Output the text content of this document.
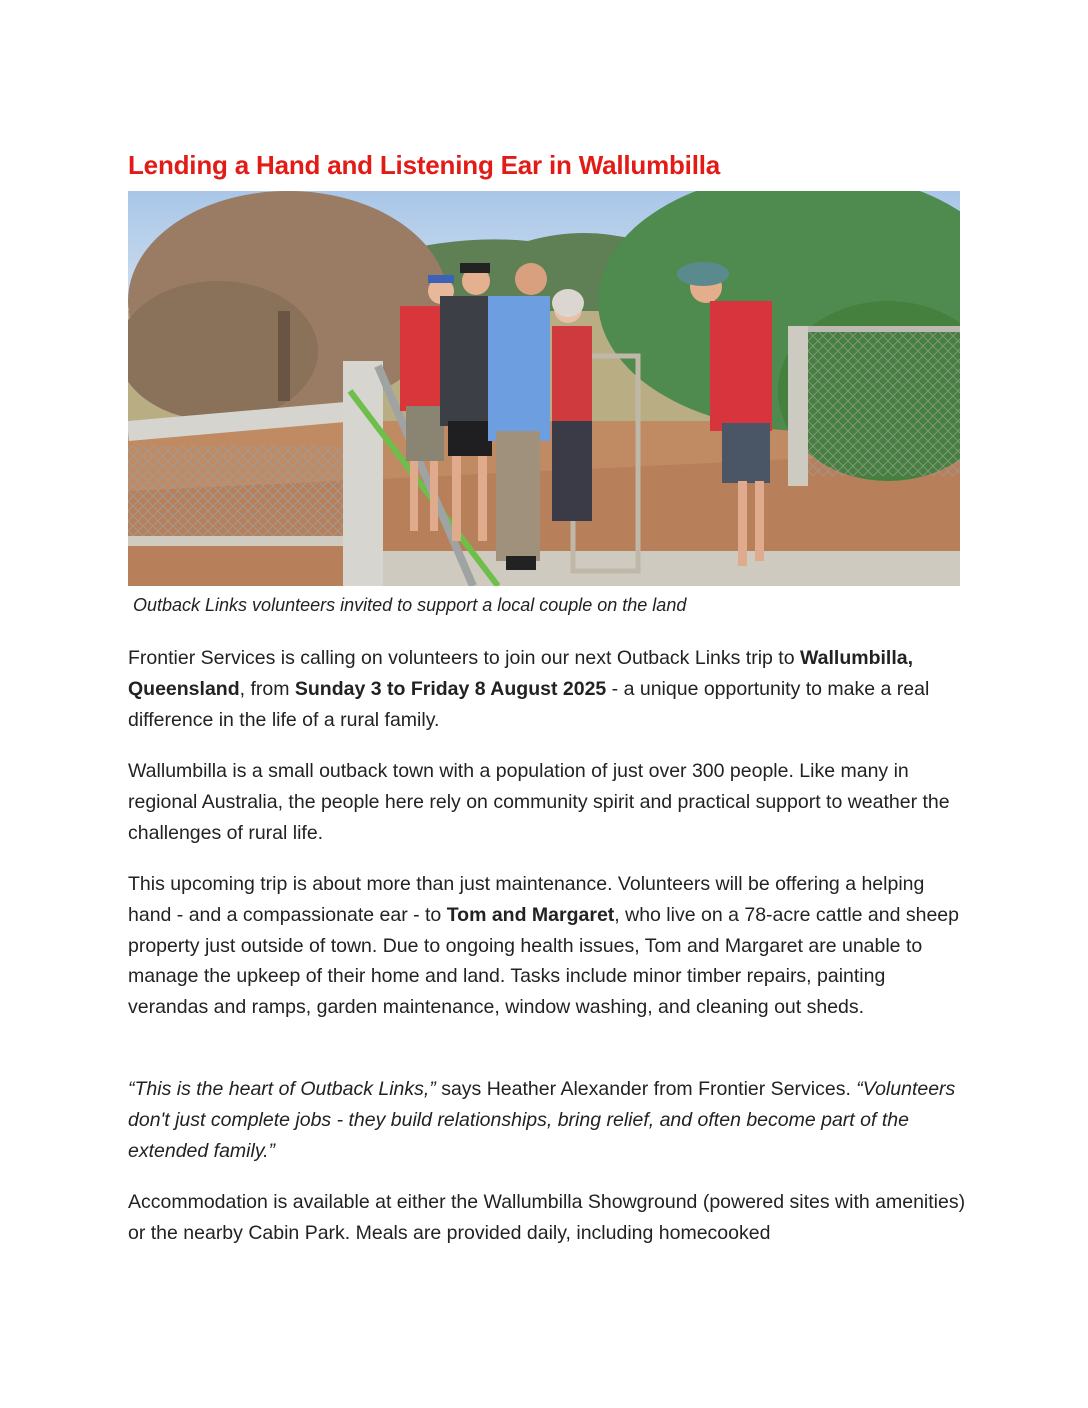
Lending a Hand and Listening Ear in Wallumbilla
Outback Links volunteers invited to support a local couple on the land

Frontier Services is calling on volunteers to join our next Outback Links trip to Wallumbilla, Queensland, from Sunday 3 to Friday 8 August 2025 - a unique opportunity to make a real difference in the life of a rural family.

Wallumbilla is a small outback town with a population of just over 300 people. Like many in regional Australia, the people here rely on community spirit and practical support to weather the challenges of rural life.

This upcoming trip is about more than just maintenance. Volunteers will be offering a helping hand - and a compassionate ear - to Tom and Margaret, who live on a 78-acre cattle and sheep property just outside of town. Due to ongoing health issues, Tom and Margaret are unable to manage the upkeep of their home and land. Tasks include minor timber repairs, painting verandas and ramps, garden maintenance, window washing, and cleaning out sheds.

“This is the heart of Outback Links,” says Heather Alexander from Frontier Services. “Volunteers don't just complete jobs - they build relationships, bring relief, and often become part of the extended family.”

Accommodation is available at either the Wallumbilla Showground (powered sites with amenities) or the nearby Cabin Park. Meals are provided daily, including homecooked
